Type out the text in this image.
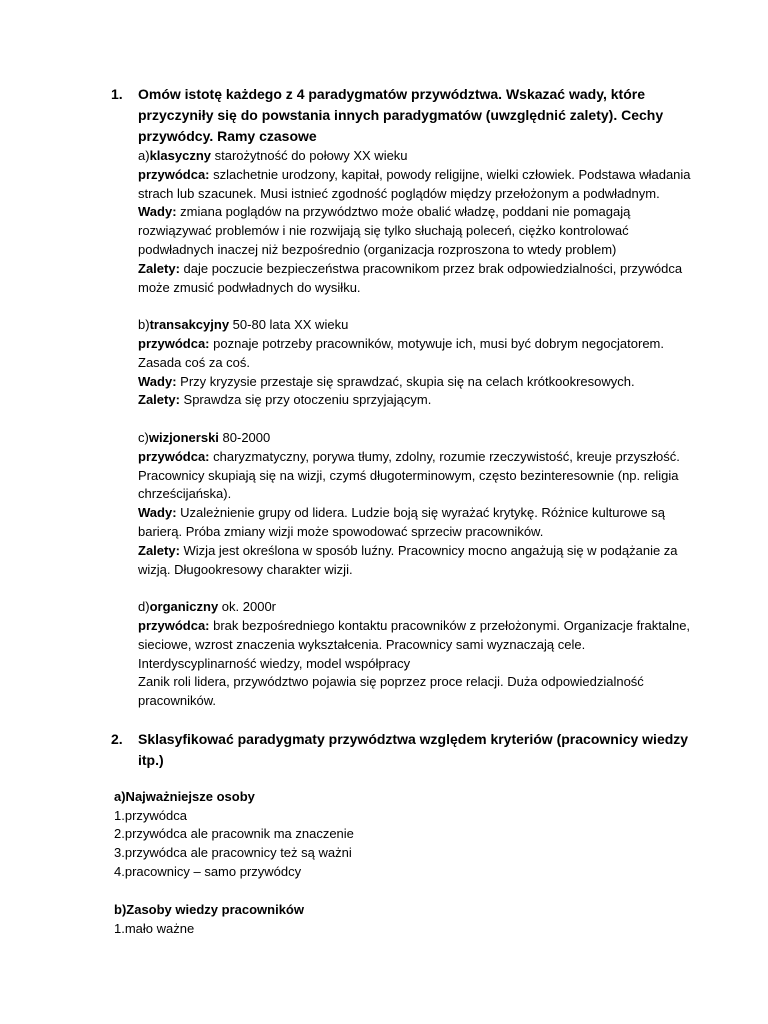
1.	Omów istotę każdego z 4 paradygmatów przywództwa. Wskazać wady, które przyczyniły się do powstania innych paradygmatów (uwzględnić zalety). Cechy przywódcy. Ramy czasowe

a)klasyczny starożytność do połowy XX wieku

przywódca: szlachetnie urodzony, kapitał, powody religijne, wielki człowiek. Podstawa władania strach lub szacunek. Musi istnieć zgodność poglądów między przełożonym a podwładnym.

Wady: zmiana poglądów na przywództwo może obalić władzę, poddani nie pomagają rozwiązywać problemów i nie rozwijają się tylko słuchają poleceń, ciężko kontrolować podwładnych inaczej niż bezpośrednio (organizacja rozproszona to wtedy problem)

Zalety: daje poczucie bezpieczeństwa pracownikom przez brak odpowiedzialności, przywódca może zmusić podwładnych do wysiłku.

b)transakcyjny 50-80 lata XX wieku

przywódca: poznaje potrzeby pracowników, motywuje ich, musi być dobrym negocjatorem. Zasada coś za coś.

Wady: Przy kryzysie przestaje się sprawdzać, skupia się na celach krótkookresowych.

Zalety: Sprawdza się przy otoczeniu sprzyjającym.

c)wizjonerski 80-2000

przywódca: charyzmatyczny, porywa tłumy, zdolny, rozumie rzeczywistość, kreuje przyszłość. Pracownicy skupiają się na wizji, czymś długoterminowym, często bezinteresownie (np. religia chrześcijańska).

Wady: Uzależnienie grupy od lidera. Ludzie boją się wyrażać krytykę. Różnice kulturowe są barierą. Próba zmiany wizji może spowodować sprzeciw pracowników.

Zalety: Wizja jest określona w sposób luźny. Pracownicy mocno angażują się w podążanie za wizją. Długookresowy charakter wizji.

d)organiczny ok. 2000r

przywódca: brak bezpośredniego kontaktu pracowników z przełożonymi. Organizacje fraktalne, sieciowe, wzrost znaczenia wykształcenia. Pracownicy sami wyznaczają cele.

Interdyscyplinarność wiedzy, model współpracy

Zanik roli lidera, przywództwo pojawia się poprzez proce relacji. Duża odpowiedzialność pracowników.

2.	Sklasyfikować paradygmaty przywództwa względem kryteriów (pracownicy wiedzy itp.)

a)Najważniejsze osoby

1.przywódca

2.przywódca ale pracownik ma znaczenie

3.przywódca ale pracownicy też są ważni

4.pracownicy – samo przywódcy

b)Zasoby wiedzy pracowników

1.mało ważne
